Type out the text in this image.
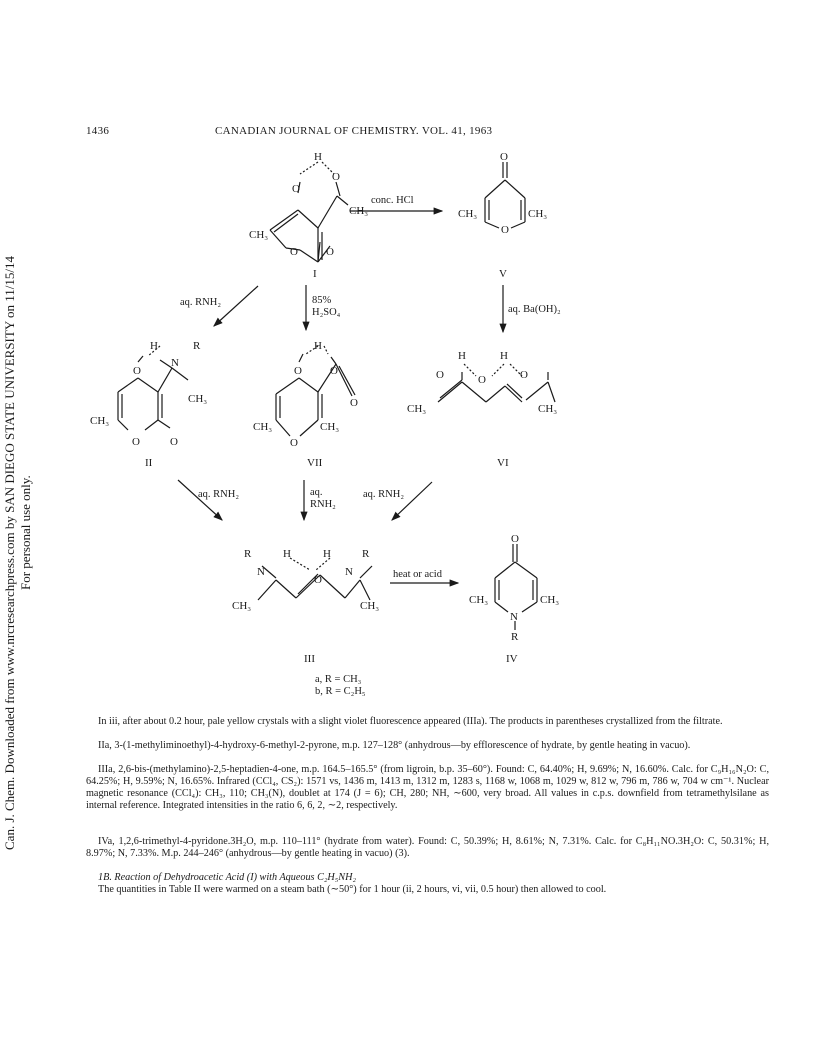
Can. J. Chem. Downloaded from www.nrcresearchpress.com by SAN DIEGO STATE UNIVERSITY on 11/15/14 For personal use only.
1436	CANADIAN JOURNAL OF CHEMISTRY. VOL. 41, 1963
H
O
O
CH₃
CH₃
O	O
I
O
CH₃	CH₃
O
V
H	R
O
N
CH₃
CH₃
O	O
II
H
O	O
O
CH₃	CH₃
O
VII
H	H
O	O	O
CH₃	CH₃
VI
R	H	H	R
N
O
N
CH₃	CH₃
III
O
CH₃	CH₃
N
R
IV
conc. HCl
aq. RNH₂	85%
H₂SO₄	aq. Ba(OH)₂
aq. RNH₂	aq.
RNH₂
aq. RNH₂
heat or acid
a, R = CH₃
b, R = C₂H₅

In iii, after about 0.2 hour, pale yellow crystals with a slight violet fluorescence appeared (IIIa). The products in parentheses crystallized from the filtrate.

IIa, 3-(1-methyliminoethyl)-4-hydroxy-6-methyl-2-pyrone, m.p. 127–128° (anhydrous—by efflorescence of hydrate, by gentle heating in vacuo).

IIIa, 2,6-bis-(methylamino)-2,5-heptadien-4-one, m.p. 164.5–165.5° (from ligroin, b.p. 35–60°). Found: C, 64.40%; H, 9.69%; N, 16.60%. Calc. for C₉H₁₆N₂O: C, 64.25%; H, 9.59%; N, 16.65%. Infrared (CCl₄, CS₂): 1571 vs, 1436 m, 1413 m, 1312 m, 1283 s, 1168 w, 1068 m, 1029 w, 812 w, 796 m, 786 w, 704 w cm⁻¹. Nuclear magnetic resonance (CCl₄): CH₃, 110; CH₃(N), doublet at 174 (J = 6); CH, 280; NH, ∼600, very broad. All values in c.p.s. downfield from tetramethylsilane as internal reference. Integrated intensities in the ratio 6, 6, 2, ∼2, respectively.

IVa, 1,2,6-trimethyl-4-pyridone.3H₂O, m.p. 110–111° (hydrate from water). Found: C, 50.39%; H, 8.61%; N, 7.31%. Calc. for C₈H₁₁NO.3H₂O: C, 50.31%; H, 8.97%; N, 7.33%. M.p. 244–246° (anhydrous—by gentle heating in vacuo) (3).

1B. Reaction of Dehydroacetic Acid (I) with Aqueous C₂H₅NH₂

The quantities in Table II were warmed on a steam bath (∼50°) for 1 hour (ii, 2 hours, vi, vii, 0.5 hour) then allowed to cool.
